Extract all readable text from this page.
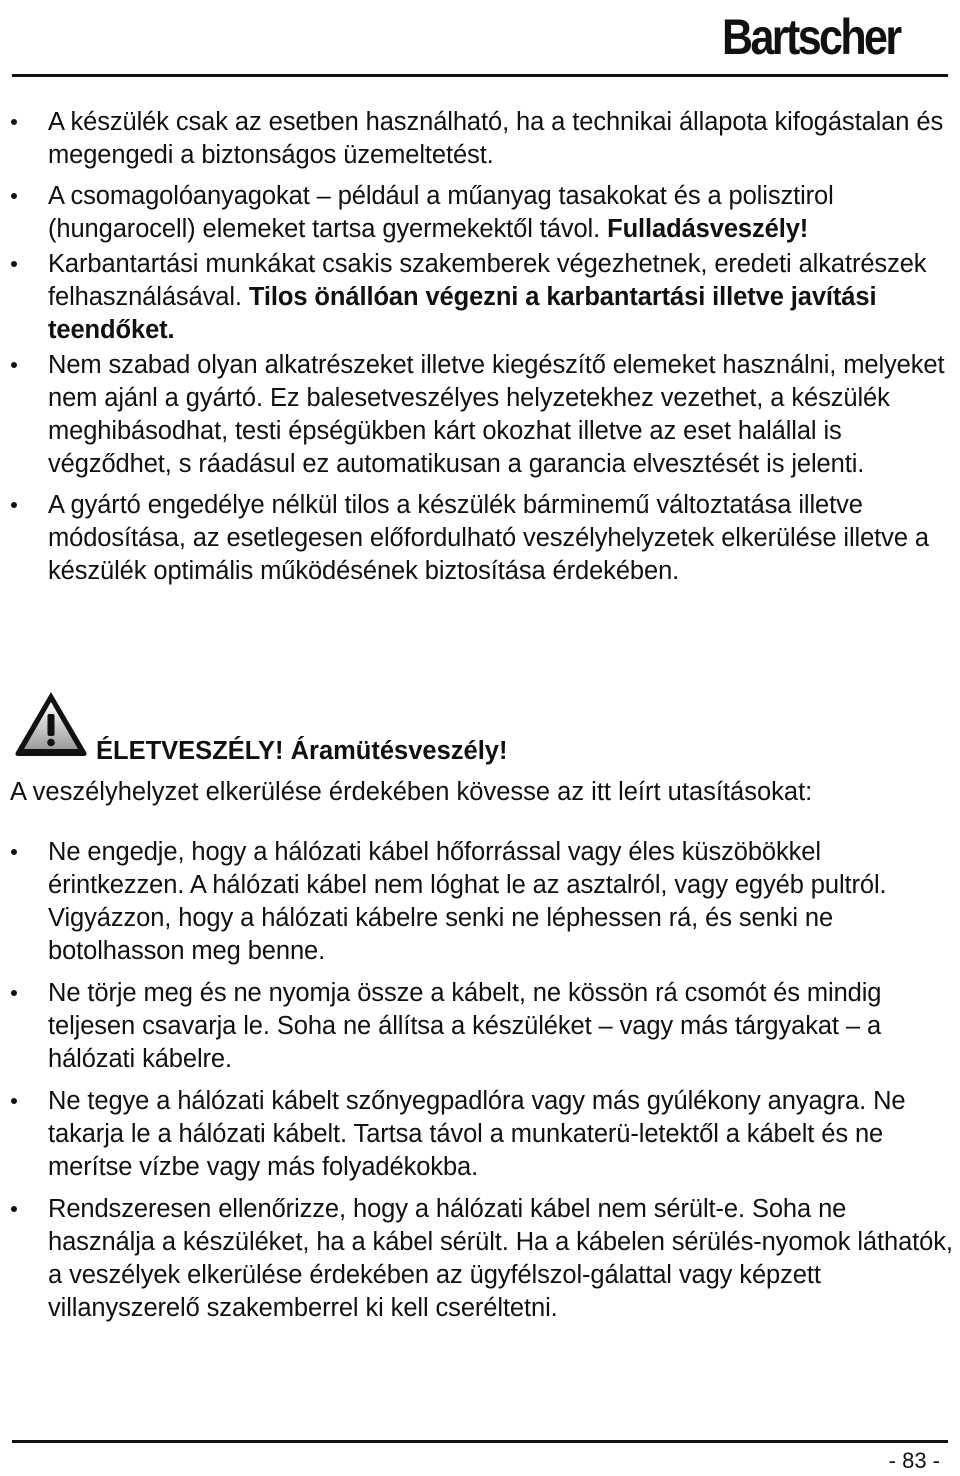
Bartscher
A készülék csak az esetben használható, ha a technikai állapota kifogástalan és megengedi a biztonságos üzemeltetést.
A csomagolóanyagokat – például a műanyag tasakokat és a polisztirol (hungarocell) elemeket tartsa gyermekektől távol. Fulladásveszély!
Karbantartási munkákat csakis szakemberek végezhetnek, eredeti alkatrészek felhasználásával. Tilos önállóan végezni a karbantartási illetve javítási teendőket.
Nem szabad olyan alkatrészeket illetve kiegészítő elemeket használni, melyeket nem ajánl a gyártó. Ez balesetveszélyes helyzetekhez vezethet, a készülék meghibásodhat, testi épségükben kárt okozhat illetve az eset halállal is végződhet, s ráadásul ez automatikusan a garancia elvesztését is jelenti.
A gyártó engedélye nélkül tilos a készülék bárminemű változtatása illetve módosítása, az esetlegesen előfordulható veszélyhelyzetek elkerülése illetve a készülék optimális működésének biztosítása érdekében.
ÉLETVESZÉLY! Áramütésveszély!
A veszélyhelyzet elkerülése érdekében kövesse az itt leírt utasításokat:
Ne engedje, hogy a hálózati kábel hőforrással vagy éles küszöbökkel érintkezzen. A hálózati kábel nem lóghat le az asztalról, vagy egyéb pultról. Vigyázzon, hogy a hálózati kábelre senki ne léphessen rá, és senki ne botolhasson meg benne.
Ne törje meg és ne nyomja össze a kábelt, ne kössön rá csomót és mindig teljesen csavarja le. Soha ne állítsa a készüléket – vagy más tárgyakat – a hálózati kábelre.
Ne tegye a hálózati kábelt szőnyegpadlóra vagy más gyúlékony anyagra. Ne takarja le a hálózati kábelt. Tartsa távol a munkaterü-letektől a kábelt és ne merítse vízbe vagy más folyadékokba.
Rendszeresen ellenőrizze, hogy a hálózati kábel nem sérült-e. Soha ne használja a készüléket, ha a kábel sérült. Ha a kábelen sérülés-nyomok láthatók, a veszélyek elkerülése érdekében az ügyfélszol-gálattal vagy képzett villanyszerelő szakemberrel ki kell cseréltetni.
- 83 -
